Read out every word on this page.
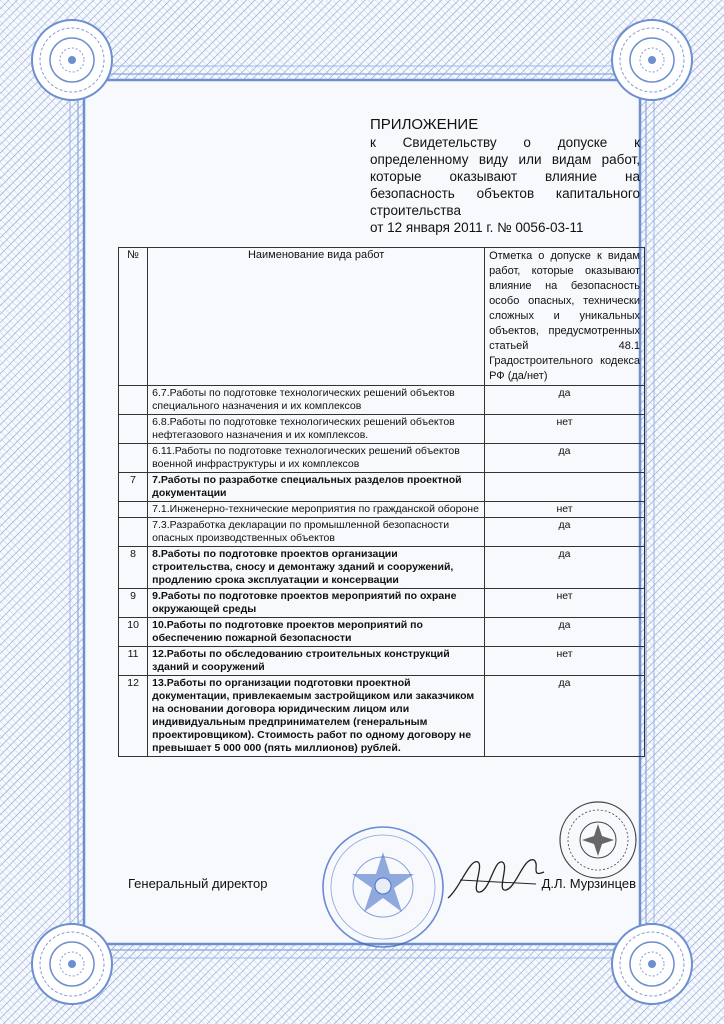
ПРИЛОЖЕНИЕ
к Свидетельству о допуске к определенному виду или видам работ, которые оказывают влияние на безопасность объектов капитального строительства
от 12 января 2011 г. № 0056-03-11
№	Наименование вида работ	Отметка о допуске к видам работ, которые оказывают влияние на безопасность особо опасных, технически сложных и уникальных объектов, предусмотренных статьей 48.1 Градостроительного кодекса РФ (да/нет)
	6.7.Работы по подготовке технологических решений объектов специального назначения и их комплексов	да
	6.8.Работы по подготовке технологических решений объектов нефтегазового назначения и их комплексов.	нет
	6.11.Работы по подготовке технологических решений объектов военной инфраструктуры и их комплексов	да
7	7.Работы по разработке специальных разделов проектной документации	
	7.1.Инженерно-технические мероприятия по гражданской обороне	нет
	7.3.Разработка декларации по промышленной безопасности опасных производственных объектов	да
8	8.Работы по подготовке проектов организации строительства, сносу и демонтажу зданий и сооружений, продлению срока эксплуатации и консервации	да
9	9.Работы по подготовке проектов мероприятий по охране окружающей среды	нет
10	10.Работы по подготовке проектов мероприятий по обеспечению пожарной безопасности	да
11	12.Работы по обследованию строительных конструкций зданий и сооружений	нет
12	13.Работы по организации подготовки проектной документации, привлекаемым застройщиком или заказчиком на основании договора юридическим лицом или индивидуальным предпринимателем (генеральным проектировщиком). Стоимость работ по одному договору не превышает 5 000 000 (пять миллионов) рублей.	да
Генеральный директор	Д.Л. Мурзинцев
